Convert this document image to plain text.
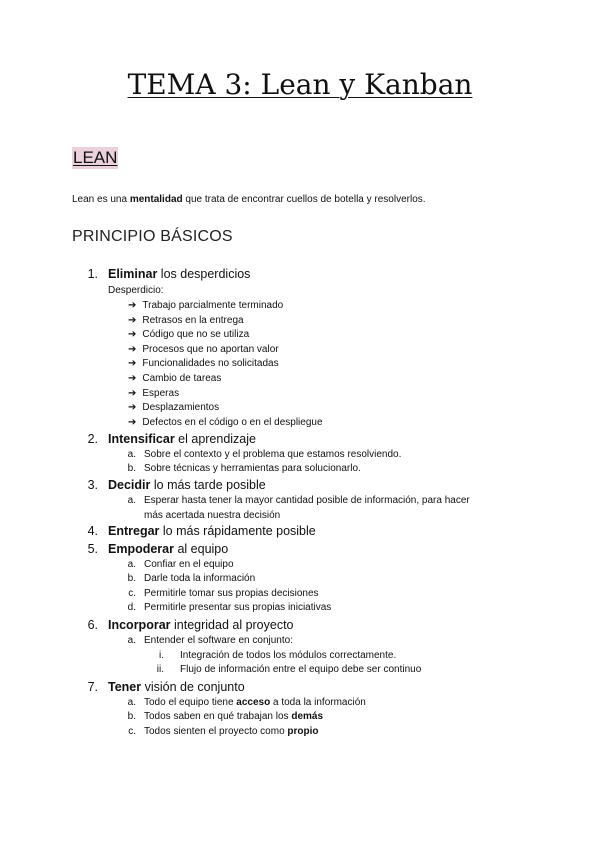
TEMA 3: Lean y Kanban
LEAN
Lean es una mentalidad que trata de encontrar cuellos de botella y resolverlos.
PRINCIPIO BÁSICOS
1. Eliminar los desperdicios
Desperdicio:
➔ Trabajo parcialmente terminado
➔ Retrasos en la entrega
➔ Código que no se utiliza
➔ Procesos que no aportan valor
➔ Funcionalidades no solicitadas
➔ Cambio de tareas
➔ Esperas
➔ Desplazamientos
➔ Defectos en el código o en el despliegue
2. Intensificar el aprendizaje
a. Sobre el contexto y el problema que estamos resolviendo.
b. Sobre técnicas y herramientas para solucionarlo.
3. Decidir lo más tarde posible
a. Esperar hasta tener la mayor cantidad posible de información, para hacer
más acertada nuestra decisión
4. Entregar lo más rápidamente posible
5. Empoderar al equipo
a. Confiar en el equipo
b. Darle toda la información
c. Permitirle tomar sus propias decisiones
d. Permitirle presentar sus propias iniciativas
6. Incorporar integridad al proyecto
a. Entender el software en conjunto:
i. Integración de todos los módulos correctamente.
ii. Flujo de información entre el equipo debe ser continuo
7. Tener visión de conjunto
a. Todo el equipo tiene acceso a toda la información
b. Todos saben en qué trabajan los demás
c. Todos sienten el proyecto como propio
